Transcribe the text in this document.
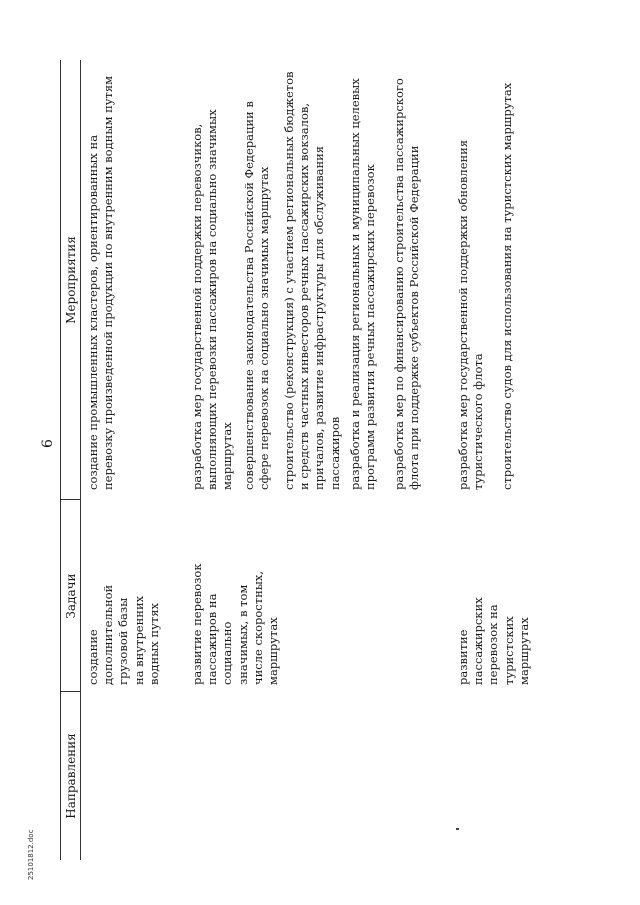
6
25101812.doc
Направления
Задачи
Мероприятия
создание дополнительной грузовой базы на внутренних водных путях
создание промышленных кластеров, ориентированных на перевозку произведенной продукции по внутренним водным путям
развитие перевозок пассажиров на социально значимых, в том числе скоростных, маршрутах
разработка мер государственной поддержки перевозчиков, выполняющих перевозки пассажиров на социально значимых маршрутах совершенствование законодательства Российской Федерации в сфере перевозок на социально значимых маршрутах строительство (реконструкция) с участием региональных бюджетов и средств частных инвесторов речных пассажирских вокзалов, причалов, развитие инфраструктуры для обслуживания пассажиров разработка и реализация региональных и муниципальных целевых программ развития речных пассажирских перевозок разработка мер по финансированию строительства пассажирского флота при поддержке субъектов Российской Федерации
развитие пассажирских перевозок на туристских маршрутах
разработка мер государственной поддержки обновления туристического флота строительство судов для использования на туристских маршрутах
